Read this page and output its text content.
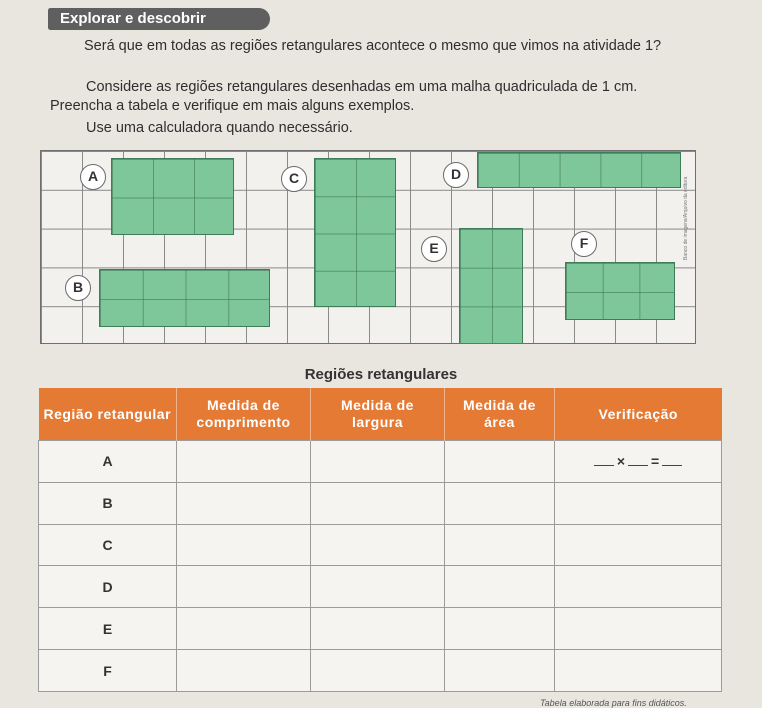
Explorar e descobrir

Será que em todas as regiões retangulares acontece o mesmo que vimos na atividade 1?

Considere as regiões retangulares desenhadas em uma malha quadriculada de 1 cm. Preencha a tabela e verifique em mais alguns exemplos.

Use uma calculadora quando necessário.

A
B
C	D
E	F	Banco de imagens/Arquivo da editora
Regiões retangulares
Região retangular	Medida de comprimento	Medida de largura	Medida de área	Verificação
A				× =
B				
C				
D				
E				
F				
Tabela elaborada para fins didáticos.
